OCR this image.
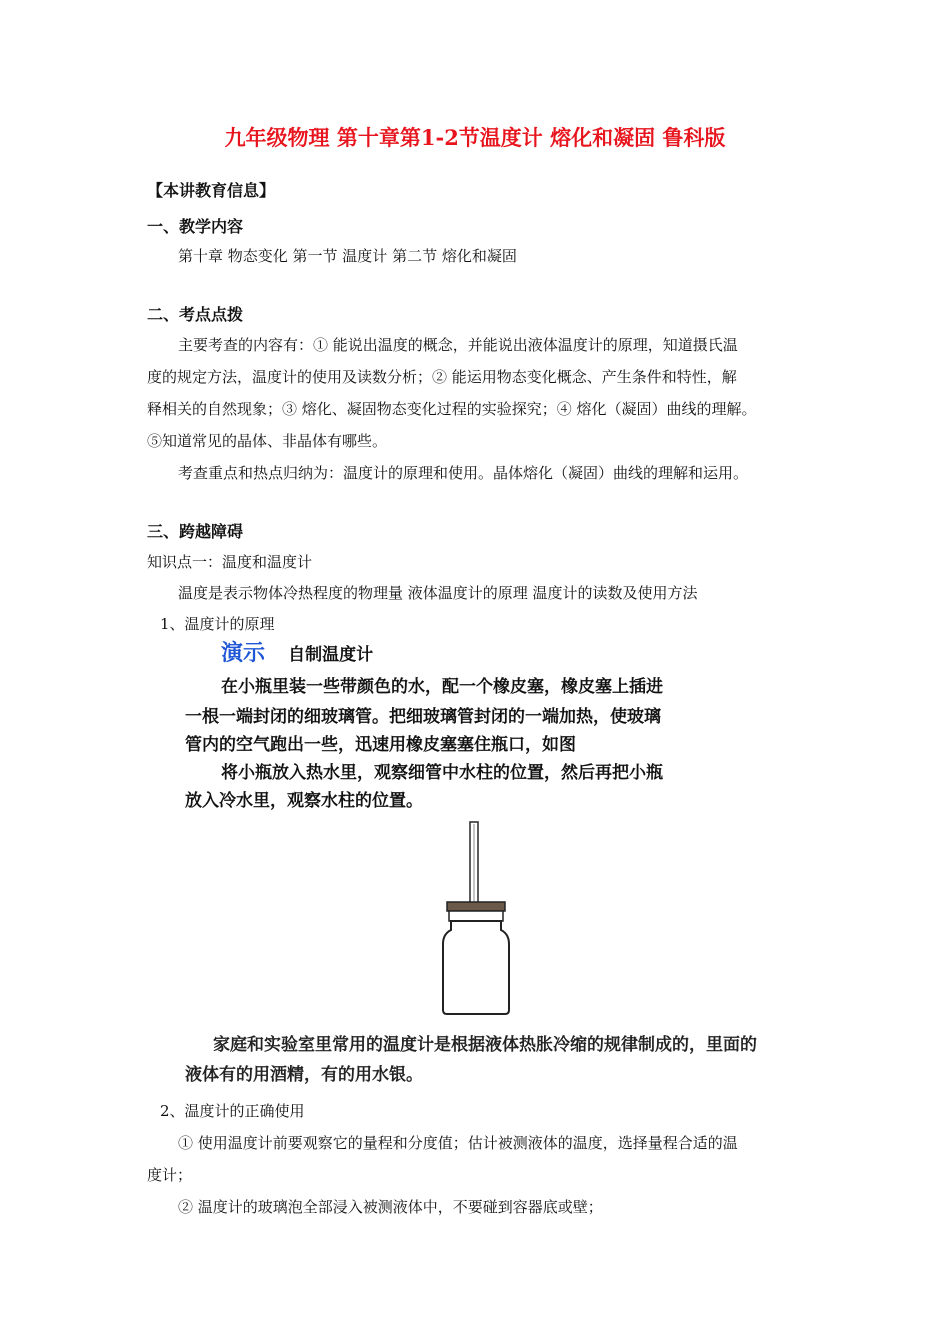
九年级物理 第十章第1-2节温度计 熔化和凝固 鲁科版
【本讲教育信息】
一、教学内容
第十章 物态变化 第一节 温度计 第二节 熔化和凝固
二、考点点拨
主要考查的内容有：① 能说出温度的概念，并能说出液体温度计的原理，知道摄氏温
度的规定方法，温度计的使用及读数分析；② 能运用物态变化概念、产生条件和特性，解
释相关的自然现象；③ 熔化、凝固物态变化过程的实验探究；④ 熔化（凝固）曲线的理解。
⑤知道常见的晶体、非晶体有哪些。
考查重点和热点归纳为：温度计的原理和使用。晶体熔化（凝固）曲线的理解和运用。
三、跨越障碍
知识点一：温度和温度计
温度是表示物体冷热程度的物理量 液体温度计的原理 温度计的读数及使用方法
1、温度计的原理
演示 自制温度计
在小瓶里装一些带颜色的水，配一个橡皮塞，橡皮塞上插进
一根一端封闭的细玻璃管。把细玻璃管封闭的一端加热，使玻璃
管内的空气跑出一些，迅速用橡皮塞塞住瓶口，如图
将小瓶放入热水里，观察细管中水柱的位置，然后再把小瓶
放入冷水里，观察水柱的位置。
家庭和实验室里常用的温度计是根据液体热胀冷缩的规律制成的，里面的
液体有的用酒精，有的用水银。
2、温度计的正确使用
① 使用温度计前要观察它的量程和分度值；估计被测液体的温度，选择量程合适的温
度计；
② 温度计的玻璃泡全部浸入被测液体中，不要碰到容器底或壁；
